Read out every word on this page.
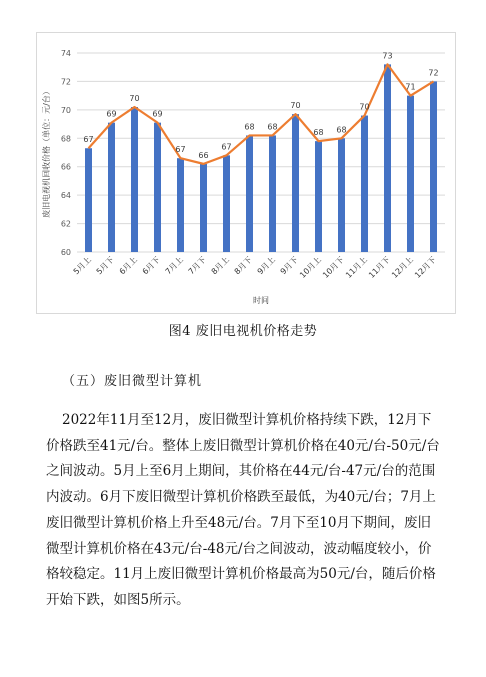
60
62
64
66
68
70
72
74
67
69
70
69
67
66
67
68 68
70
68 68
70
73
71
72
5月上 5月下 6月上 6月下 7月上 7月下 8月上 8月下 9月上 9月下
10月上
10月下
11月上
11月下
12月上
12月下
时间
废旧电视机回收价格（单位：元/台）
图4 废旧电视机价格走势
（五）废旧微型计算机
2022年11月至12月，废旧微型计算机价格持续下跌，12月下
价格跌至41元/台。整体上废旧微型计算机价格在40元/台-50元/台
之间波动。5月上至6月上期间，其价格在44元/台-47元/台的范围
内波动。6月下废旧微型计算机价格跌至最低，为40元/台；7月上
废旧微型计算机价格上升至48元/台。7月下至10月下期间，废旧
微型计算机价格在43元/台-48元/台之间波动，波动幅度较小，价
格较稳定。11月上废旧微型计算机价格最高为50元/台，随后价格
开始下跌，如图5所示。
